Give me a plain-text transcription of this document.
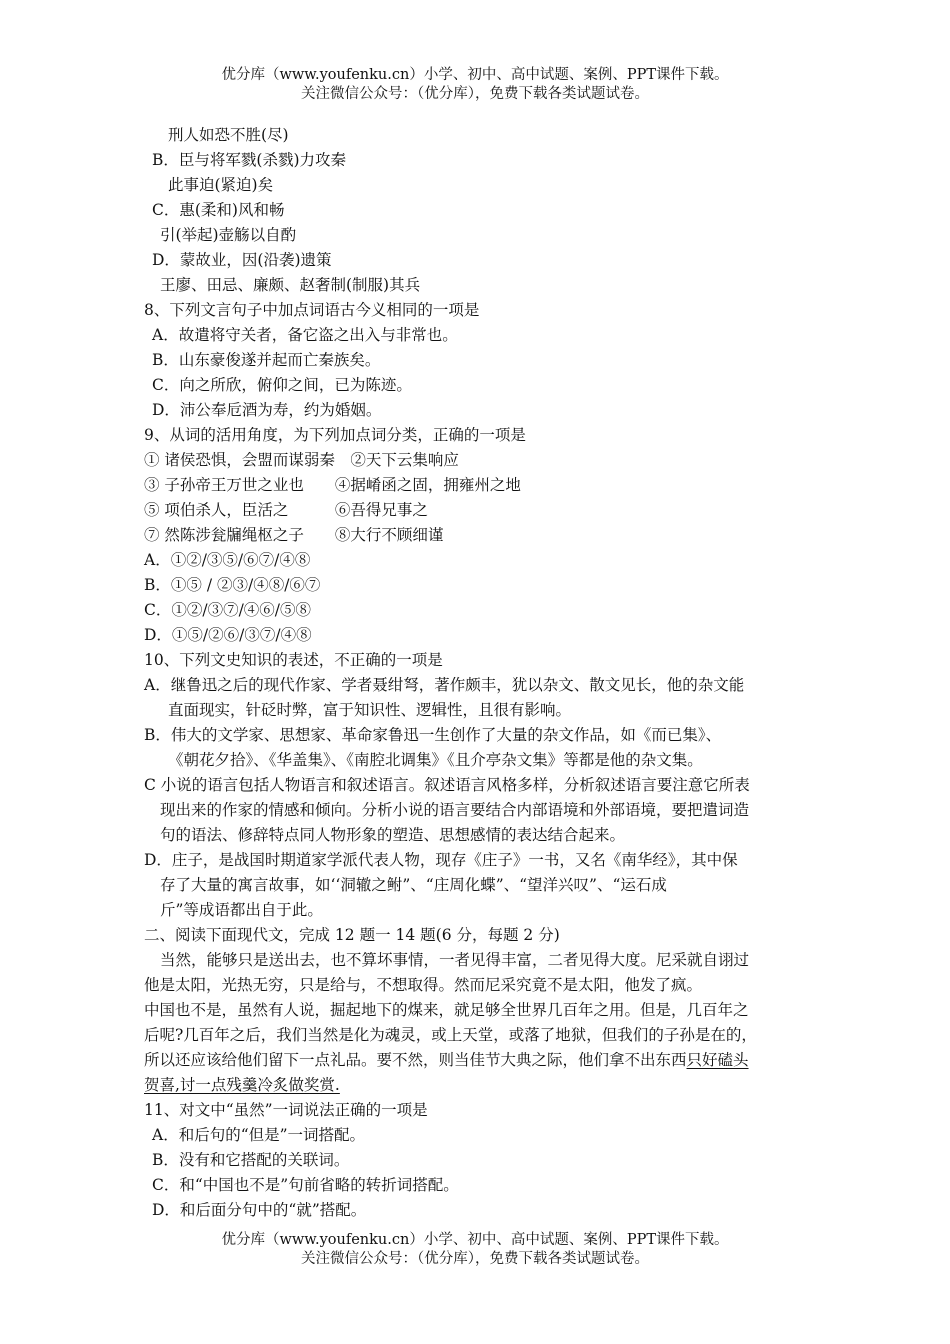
优分库（www.youfenku.cn）小学、初中、高中试题、案例、PPT课件下载。
关注微信公众号：（优分库），免费下载各类试题试卷。
刑人如恐不胜(尽)
B．臣与将军戮(杀戮)力攻秦
此事迫(紧迫)矣
C．惠(柔和)风和畅
引(举起)壶觞以自酌
D．蒙故业，因(沿袭)遗策
王廖、田忌、廉颇、赵奢制(制服)其兵
8、下列文言句子中加点词语古今义相同的一项是
A．故遣将守关者，备它盗之出入与非常也。
B．山东豪俊遂并起而亡秦族矣。
C．向之所欣，俯仰之间，已为陈迹。
D．沛公奉卮酒为寿，约为婚姻。
9、从词的活用角度，为下列加点词分类，正确的一项是
① 诸侯恐惧，会盟而谋弱秦　②天下云集响应
③ 子孙帝王万世之业也　　④据崤函之固，拥雍州之地
⑤ 项伯杀人，臣活之　　　⑥吾得兄事之
⑦ 然陈涉瓮牖绳枢之子　　⑧大行不顾细谨
A．①②/③⑤/⑥⑦/④⑧
B．①⑤ / ②③/④⑧/⑥⑦
C．①②/③⑦/④⑥/⑤⑧
D．①⑤/②⑥/③⑦/④⑧
10、下列文史知识的表述，不正确的一项是
A．继鲁迅之后的现代作家、学者聂绀弩，著作颇丰，犹以杂文、散文见长，他的杂文能
直面现实，针砭时弊，富于知识性、逻辑性，且很有影响。
B．伟大的文学家、思想家、革命家鲁迅一生创作了大量的杂文作品，如《而已集》、
《朝花夕拾》、《华盖集》、《南腔北调集》《且介亭杂文集》等都是他的杂文集。
C 小说的语言包括人物语言和叙述语言。叙述语言风格多样，分析叙述语言要注意它所表
现出来的作家的情感和倾向。分析小说的语言要结合内部语境和外部语境，要把遣词造
句的语法、修辞特点同人物形象的塑造、思想感情的表达结合起来。
D．庄子，是战国时期道家学派代表人物，现存《庄子》一书，又名《南华经》，其中保
存了大量的寓言故事，如‘‘洞辙之鲋”、“庄周化蝶”、“望洋兴叹”、“运石成
斤”等成语都出自于此。
二、阅读下面现代文，完成 12 题一 14 题(6 分，每题 2 分)
当然，能够只是送出去，也不算坏事情，一者见得丰富，二者见得大度。尼采就自诩过
他是太阳，光热无穷，只是给与，不想取得。然而尼采究竟不是太阳，他发了疯。
中国也不是，虽然有人说，掘起地下的煤来，就足够全世界几百年之用。但是，几百年之
后呢?几百年之后，我们当然是化为魂灵，或上天堂，或落了地狱，但我们的子孙是在的，
所以还应该给他们留下一点礼品。要不然，则当佳节大典之际，他们拿不出东西只好磕头
贺喜,讨一点残羹冷炙做奖赏.
11、对文中“虽然”一词说法正确的一项是
A．和后句的“但是”一词搭配。
B．没有和它搭配的关联词。
C．和“中国也不是”句前省略的转折词搭配。
D．和后面分句中的“就”搭配。
优分库（www.youfenku.cn）小学、初中、高中试题、案例、PPT课件下载。
关注微信公众号：（优分库），免费下载各类试题试卷。
